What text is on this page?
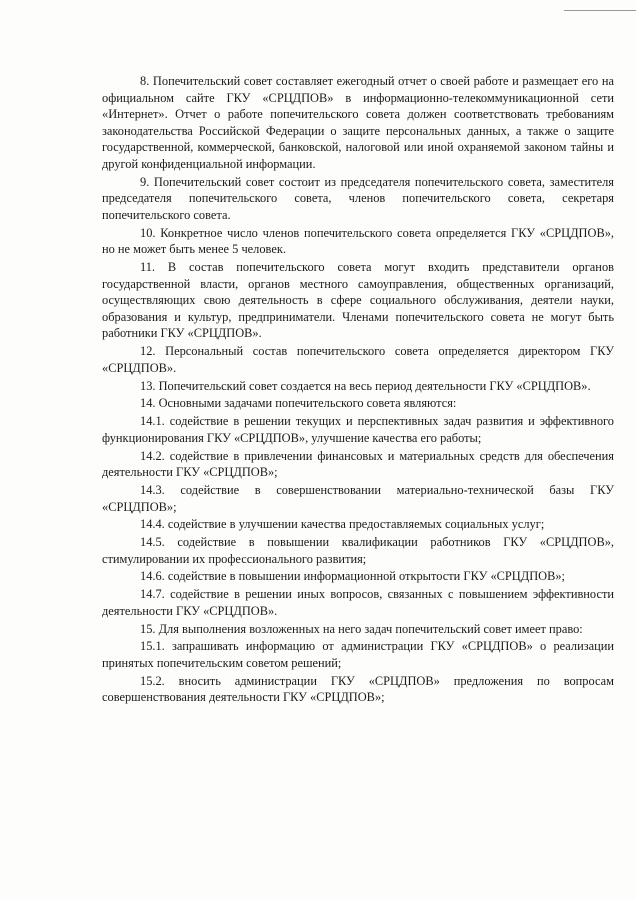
8. Попечительский совет составляет ежегодный отчет о своей работе и размещает его на официальном сайте ГКУ «СРЦДПОВ» в информационно-телекоммуникационной сети «Интернет». Отчет о работе попечительского совета должен соответствовать требованиям законодательства Российской Федерации о защите персональных данных, а также о защите государственной, коммерческой, банковской, налоговой или иной охраняемой законом тайны и другой конфиденциальной информации.

9. Попечительский совет состоит из председателя попечительского совета, заместителя председателя попечительского совета, членов попечительского совета, секретаря попечительского совета.

10. Конкретное число членов попечительского совета определяется ГКУ «СРЦДПОВ», но не может быть менее 5 человек.

11. В состав попечительского совета могут входить представители органов государственной власти, органов местного самоуправления, общественных организаций, осуществляющих свою деятельность в сфере социального обслуживания, деятели науки, образования и культур, предприниматели. Членами попечительского совета не могут быть работники ГКУ «СРЦДПОВ».

12. Персональный состав попечительского совета определяется директором ГКУ «СРЦДПОВ».

13. Попечительский совет создается на весь период деятельности ГКУ «СРЦДПОВ».

14. Основными задачами попечительского совета являются:

14.1. содействие в решении текущих и перспективных задач развития и эффективного функционирования ГКУ «СРЦДПОВ», улучшение качества его работы;

14.2. содействие в привлечении финансовых и материальных средств для обеспечения деятельности ГКУ «СРЦДПОВ»;

14.3. содействие в совершенствовании материально-технической базы ГКУ «СРЦДПОВ»;

14.4. содействие в улучшении качества предоставляемых социальных услуг;

14.5. содействие в повышении квалификации работников ГКУ «СРЦДПОВ», стимулировании их профессионального развития;

14.6. содействие в повышении информационной открытости ГКУ «СРЦДПОВ»;

14.7. содействие в решении иных вопросов, связанных с повышением эффективности деятельности ГКУ «СРЦДПОВ».

15. Для выполнения возложенных на него задач попечительский совет имеет право:

15.1. запрашивать информацию от администрации ГКУ «СРЦДПОВ» о реализации принятых попечительским советом решений;

15.2. вносить администрации ГКУ «СРЦДПОВ» предложения по вопросам совершенствования деятельности ГКУ «СРЦДПОВ»;
